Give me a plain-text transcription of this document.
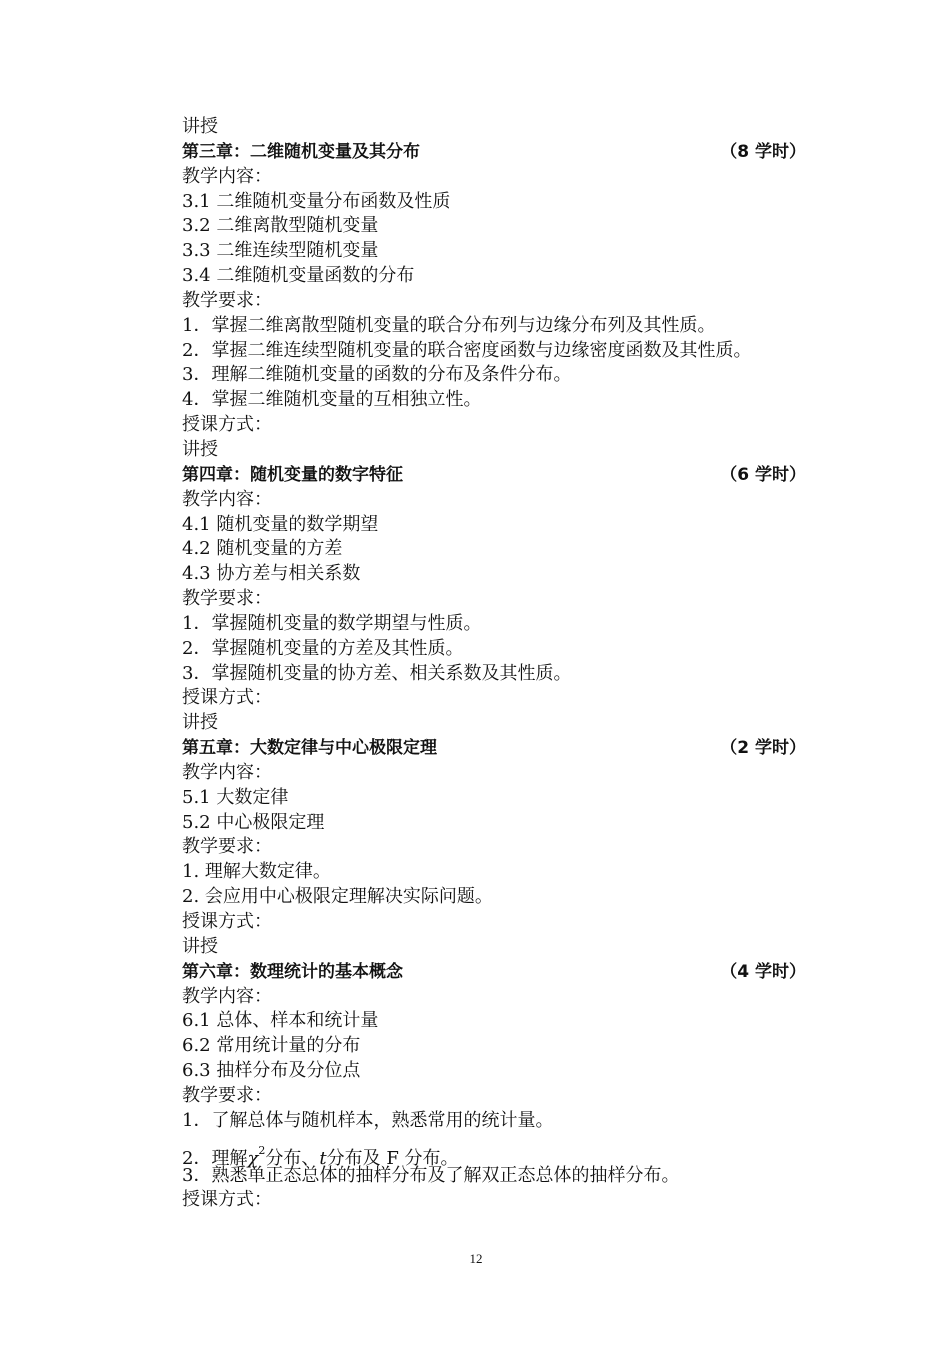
讲授
第三章：二维随机变量及其分布	（8 学时）
教学内容：
3.1 二维随机变量分布函数及性质
3.2 二维离散型随机变量
3.3 二维连续型随机变量
3.4 二维随机变量函数的分布
教学要求：
1．掌握二维离散型随机变量的联合分布列与边缘分布列及其性质。
2．掌握二维连续型随机变量的联合密度函数与边缘密度函数及其性质。
3．理解二维随机变量的函数的分布及条件分布。
4．掌握二维随机变量的互相独立性。
授课方式：
讲授
第四章：随机变量的数字特征	（6 学时）
教学内容：
4.1 随机变量的数学期望
4.2 随机变量的方差
4.3 协方差与相关系数
教学要求：
1．掌握随机变量的数学期望与性质。
2．掌握随机变量的方差及其性质。
3．掌握随机变量的协方差、相关系数及其性质。
授课方式：
讲授
第五章：大数定律与中心极限定理	（2 学时）
教学内容：
5.1 大数定律
5.2 中心极限定理
教学要求：
1. 理解大数定律。
2. 会应用中心极限定理解决实际问题。
授课方式：
讲授
第六章：数理统计的基本概念	（4 学时）
教学内容：
6.1 总体、样本和统计量
6.2 常用统计量的分布
6.3 抽样分布及分位点
教学要求：
1．了解总体与随机样本，熟悉常用的统计量。
2．理解$\chi^2$分布、t分布及 F 分布。
3．熟悉单正态总体的抽样分布及了解双正态总体的抽样分布。
授课方式：
12
